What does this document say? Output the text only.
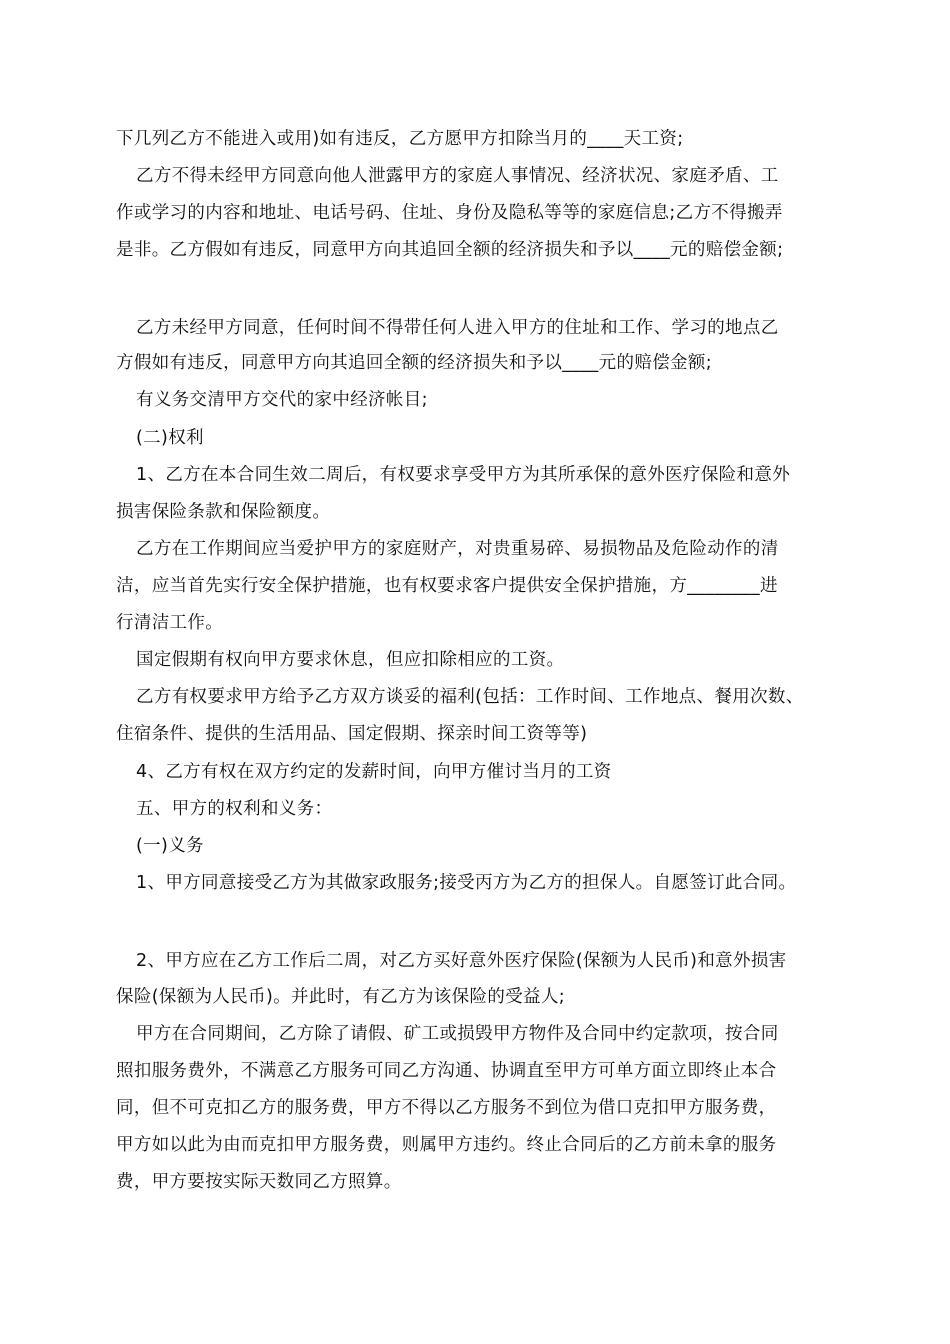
下几列乙方不能进入或用)如有违反，乙方愿甲方扣除当月的____天工资;
乙方不得未经甲方同意向他人泄露甲方的家庭人事情况、经济状况、家庭矛盾、工
作或学习的内容和地址、电话号码、住址、身份及隐私等等的家庭信息;乙方不得搬弄
是非。乙方假如有违反，同意甲方向其追回全额的经济损失和予以____元的赔偿金额;
乙方未经甲方同意，任何时间不得带任何人进入甲方的住址和工作、学习的地点乙
方假如有违反，同意甲方向其追回全额的经济损失和予以____元的赔偿金额;
有义务交清甲方交代的家中经济帐目;
(二)权利
1、乙方在本合同生效二周后，有权要求享受甲方为其所承保的意外医疗保险和意外
损害保险条款和保险额度。
乙方在工作期间应当爱护甲方的家庭财产，对贵重易碎、易损物品及危险动作的清
洁，应当首先实行安全保护措施，也有权要求客户提供安全保护措施，方________进
行清洁工作。
国定假期有权向甲方要求休息，但应扣除相应的工资。
乙方有权要求甲方给予乙方双方谈妥的福利(包括：工作时间、工作地点、餐用次数、
住宿条件、提供的生活用品、国定假期、探亲时间工资等等)
4、乙方有权在双方约定的发薪时间，向甲方催讨当月的工资
五、甲方的权利和义务：
(一)义务
1、甲方同意接受乙方为其做家政服务;接受丙方为乙方的担保人。自愿签订此合同。
2、甲方应在乙方工作后二周，对乙方买好意外医疗保险(保额为人民币)和意外损害
保险(保额为人民币)。并此时，有乙方为该保险的受益人;
甲方在合同期间，乙方除了请假、矿工或损毁甲方物件及合同中约定款项，按合同
照扣服务费外，不满意乙方服务可同乙方沟通、协调直至甲方可单方面立即终止本合
同，但不可克扣乙方的服务费，甲方不得以乙方服务不到位为借口克扣甲方服务费，
甲方如以此为由而克扣甲方服务费，则属甲方违约。终止合同后的乙方前未拿的服务
费，甲方要按实际天数同乙方照算。
